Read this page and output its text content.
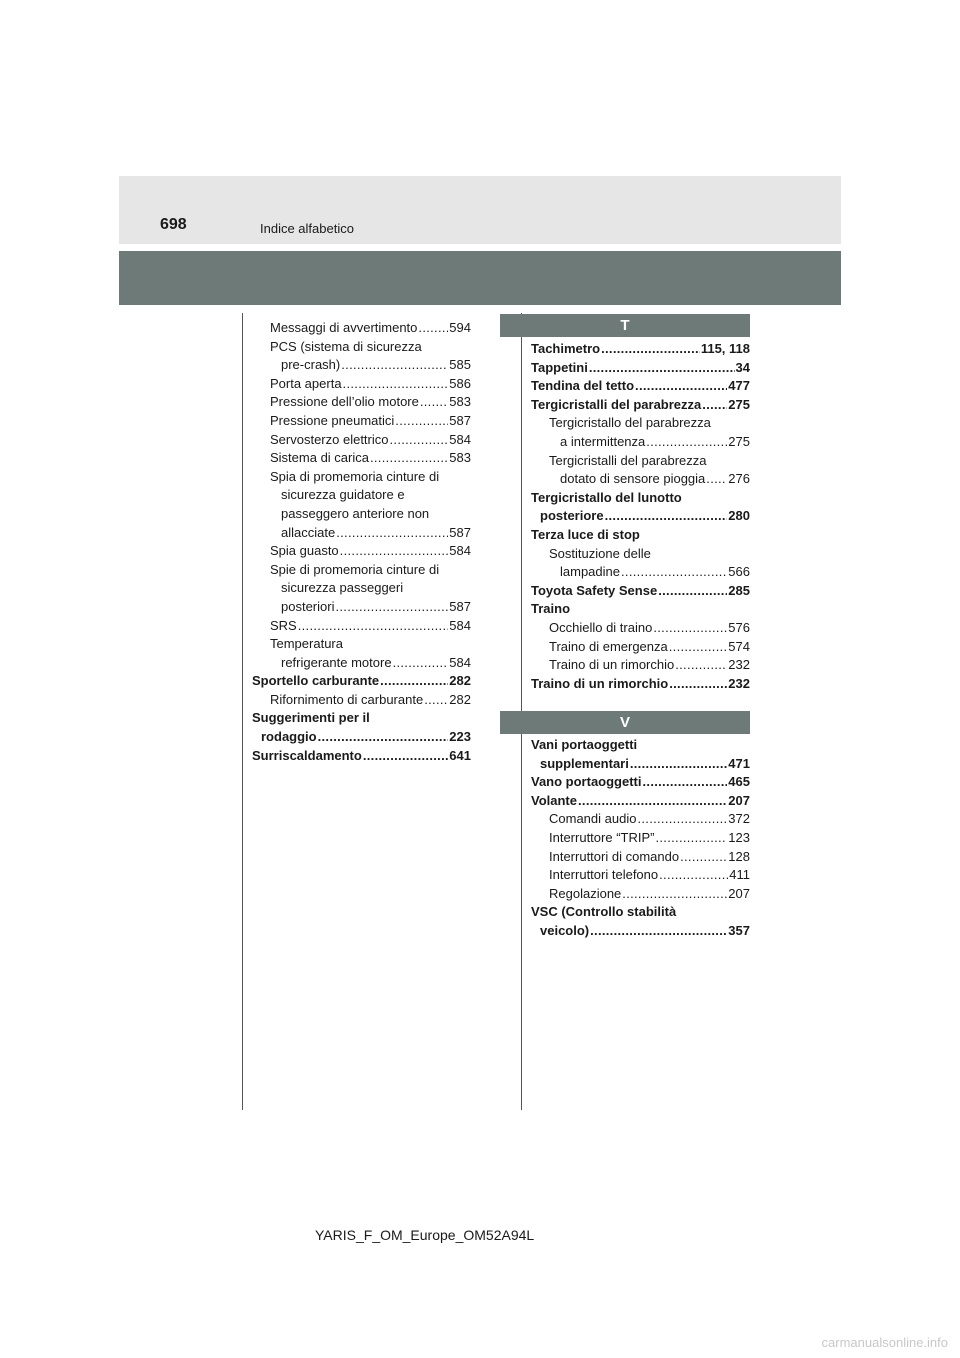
698	Indice alfabetico
Messaggi di avvertimento ..... 594
PCS (sistema di sicurezza
pre-crash) .....	585
Porta aperta .....	586
Pressione dell’olio motore ..... 583
Pressione pneumatici .....	587
Servosterzo elettrico .....	584
Sistema di carica .....	583
Spia di promemoria cinture di
sicurezza guidatore e
passeggero anteriore non
allacciate .....	587
Spia guasto .....	584
Spie di promemoria cinture di
sicurezza passeggeri
posteriori .....	587
SRS .....	584
Temperatura
refrigerante motore .....	584
Sportello carburante .....	282
Rifornimento di carburante ..... 282
Suggerimenti per il
rodaggio .....	223
Surriscaldamento .....	641
T
Tachimetro .....	115, 118
Tappetini .....	34
Tendina del tetto .....	477
Tergicristalli del parabrezza ..... 275
Tergicristallo del parabrezza
a intermittenza .....	275
Tergicristalli del parabrezza
dotato di sensore pioggia ..... 276
Tergicristallo del lunotto
posteriore .....	280
Terza luce di stop
Sostituzione delle
lampadine .....	566
Toyota Safety Sense .....	285
Traino
Occhiello di traino .....	576
Traino di emergenza .....	574
Traino di un rimorchio .....	232
Traino di un rimorchio .....	232
V
Vani portaoggetti
supplementari .....	471
Vano portaoggetti .....	465
Volante .....	207
Comandi audio .....	372
Interruttore “TRIP” .....	123
Interruttori di comando .....	128
Interruttori telefono .....	411
Regolazione .....	207
VSC (Controllo stabilità
veicolo) .....	357
YARIS_F_OM_Europe_OM52A94L
carmanualsonline.info
